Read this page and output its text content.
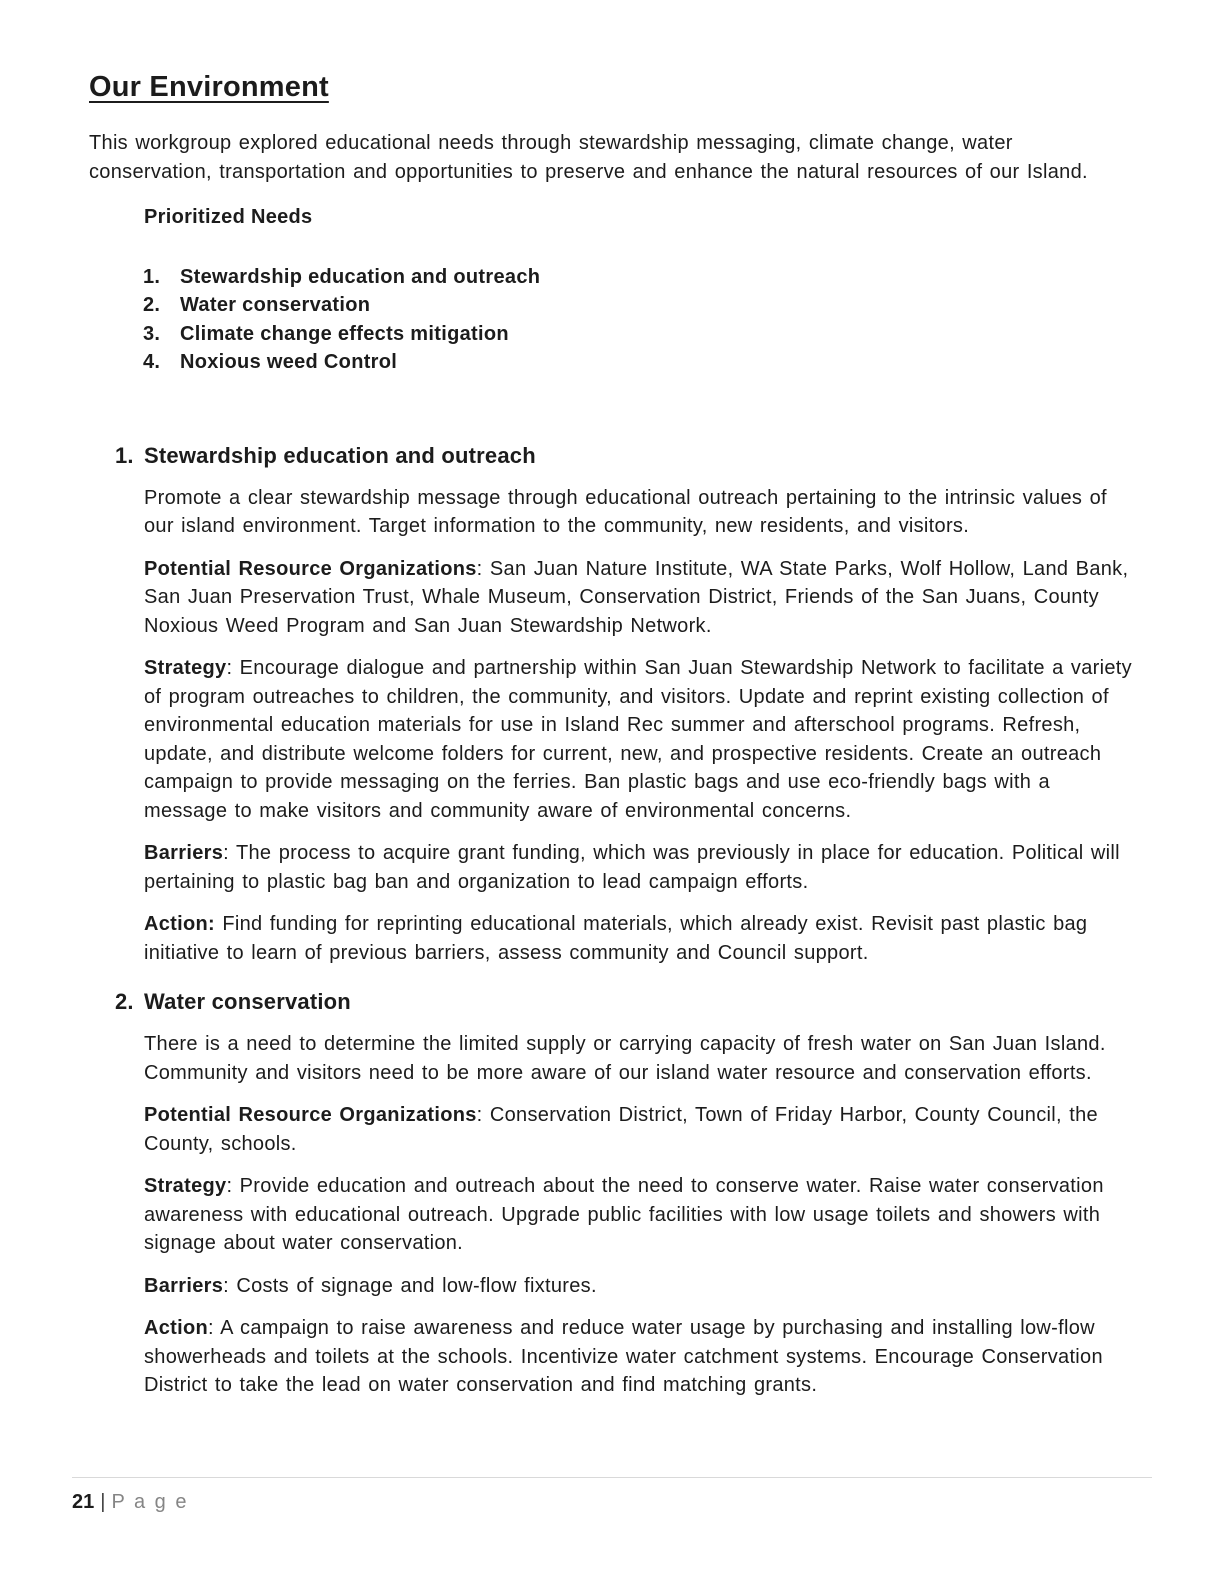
Our Environment

This workgroup explored educational needs through stewardship messaging, climate change, water conservation, transportation and opportunities to preserve and enhance the natural resources of our Island.

Prioritized Needs
1. Stewardship education and outreach
2. Water conservation
3. Climate change effects mitigation
4. Noxious weed Control
1. Stewardship education and outreach

Promote a clear stewardship message through educational outreach pertaining to the intrinsic values of our island environment. Target information to the community, new residents, and visitors.

Potential Resource Organizations: San Juan Nature Institute, WA State Parks, Wolf Hollow, Land Bank, San Juan Preservation Trust, Whale Museum, Conservation District, Friends of the San Juans, County Noxious Weed Program and San Juan Stewardship Network.

Strategy: Encourage dialogue and partnership within San Juan Stewardship Network to facilitate a variety of program outreaches to children, the community, and visitors. Update and reprint existing collection of environmental education materials for use in Island Rec summer and afterschool programs. Refresh, update, and distribute welcome folders for current, new, and prospective residents. Create an outreach campaign to provide messaging on the ferries. Ban plastic bags and use eco-friendly bags with a message to make visitors and community aware of environmental concerns.

Barriers: The process to acquire grant funding, which was previously in place for education. Political will pertaining to plastic bag ban and organization to lead campaign efforts.

Action: Find funding for reprinting educational materials, which already exist. Revisit past plastic bag initiative to learn of previous barriers, assess community and Council support.

2. Water conservation

There is a need to determine the limited supply or carrying capacity of fresh water on San Juan Island. Community and visitors need to be more aware of our island water resource and conservation efforts.

Potential Resource Organizations: Conservation District, Town of Friday Harbor, County Council, the County, schools.

Strategy: Provide education and outreach about the need to conserve water. Raise water conservation awareness with educational outreach. Upgrade public facilities with low usage toilets and showers with signage about water conservation.

Barriers: Costs of signage and low-flow fixtures.

Action: A campaign to raise awareness and reduce water usage by purchasing and installing low-flow showerheads and toilets at the schools. Incentivize water catchment systems. Encourage Conservation District to take the lead on water conservation and find matching grants.

21 | P a g e
